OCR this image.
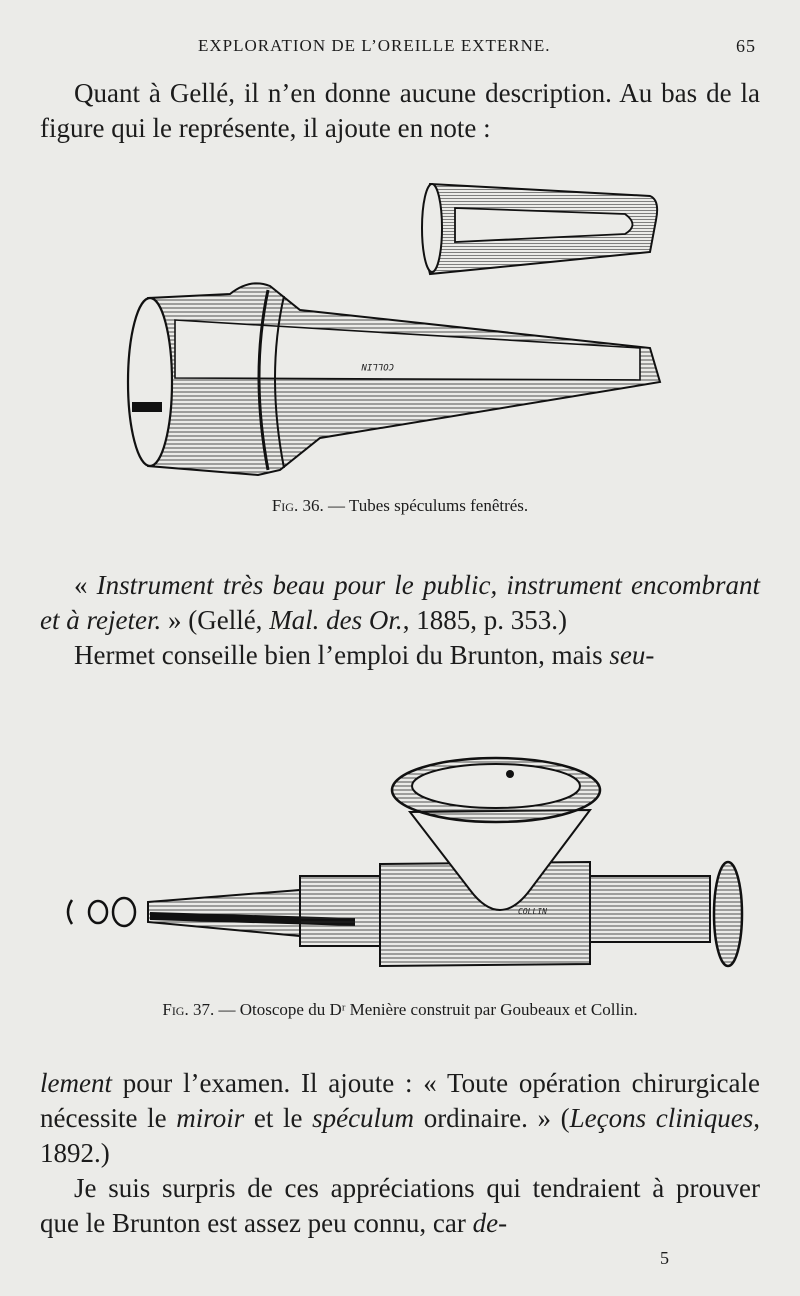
EXPLORATION DE L’OREILLE EXTERNE.	65
Quant à Gellé, il n’en donne aucune description. Au bas de la figure qui le représente, il ajoute en note :
COLLIN
Fig. 36. — Tubes spéculums fenêtrés.
« Instrument très beau pour le public, instrument encombrant et à rejeter. » (Gellé, Mal. des Or., 1885, p. 353.)
Hermet conseille bien l’emploi du Brunton, mais seu-
COLLIN
Fig. 37. — Otoscope du Dʳ Menière construit par Goubeaux et Collin.
lement pour l’examen. Il ajoute : « Toute opération chirurgicale nécessite le miroir et le spéculum ordinaire. » (Leçons cliniques, 1892.)
Je suis surpris de ces appréciations qui tendraient à prouver que le Brunton est assez peu connu, car de-
5
